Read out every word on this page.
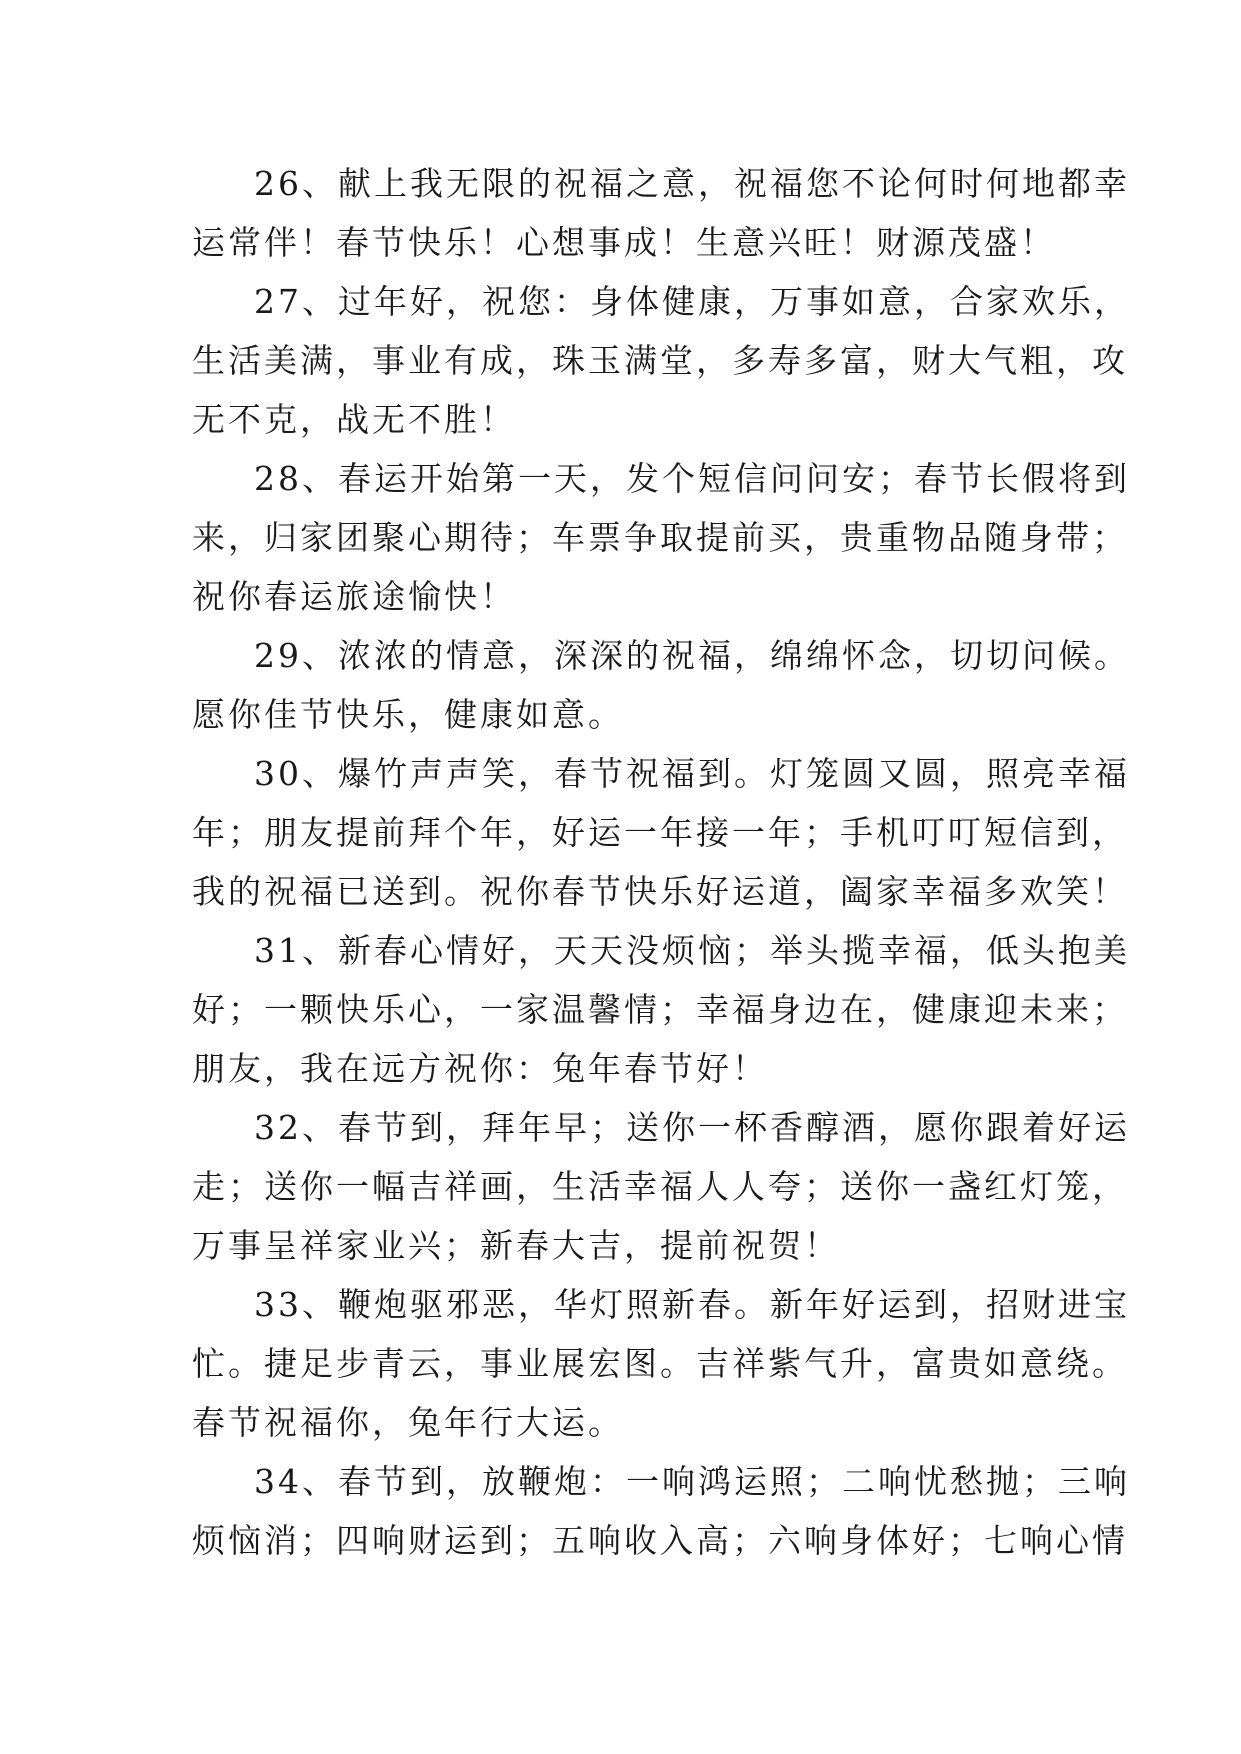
26、献上我无限的祝福之意，祝福您不论何时何地都幸
运常伴！春节快乐！心想事成！生意兴旺！财源茂盛！
27、过年好，祝您：身体健康，万事如意，合家欢乐，
生活美满，事业有成，珠玉满堂，多寿多富，财大气粗，攻
无不克，战无不胜！
28、春运开始第一天，发个短信问问安；春节长假将到
来，归家团聚心期待；车票争取提前买，贵重物品随身带；
祝你春运旅途愉快！
29、浓浓的情意，深深的祝福，绵绵怀念，切切问候。
愿你佳节快乐，健康如意。
30、爆竹声声笑，春节祝福到。灯笼圆又圆，照亮幸福
年；朋友提前拜个年，好运一年接一年；手机叮叮短信到，
我的祝福已送到。祝你春节快乐好运道，阖家幸福多欢笑！
31、新春心情好，天天没烦恼；举头揽幸福，低头抱美
好；一颗快乐心，一家温馨情；幸福身边在，健康迎未来；
朋友，我在远方祝你：兔年春节好！
32、春节到，拜年早；送你一杯香醇酒，愿你跟着好运
走；送你一幅吉祥画，生活幸福人人夸；送你一盏红灯笼，
万事呈祥家业兴；新春大吉，提前祝贺！
33、鞭炮驱邪恶，华灯照新春。新年好运到，招财进宝
忙。捷足步青云，事业展宏图。吉祥紫气升，富贵如意绕。
春节祝福你，兔年行大运。
34、春节到，放鞭炮：一响鸿运照；二响忧愁抛；三响
烦恼消；四响财运到；五响收入高；六响身体好；七响心情
